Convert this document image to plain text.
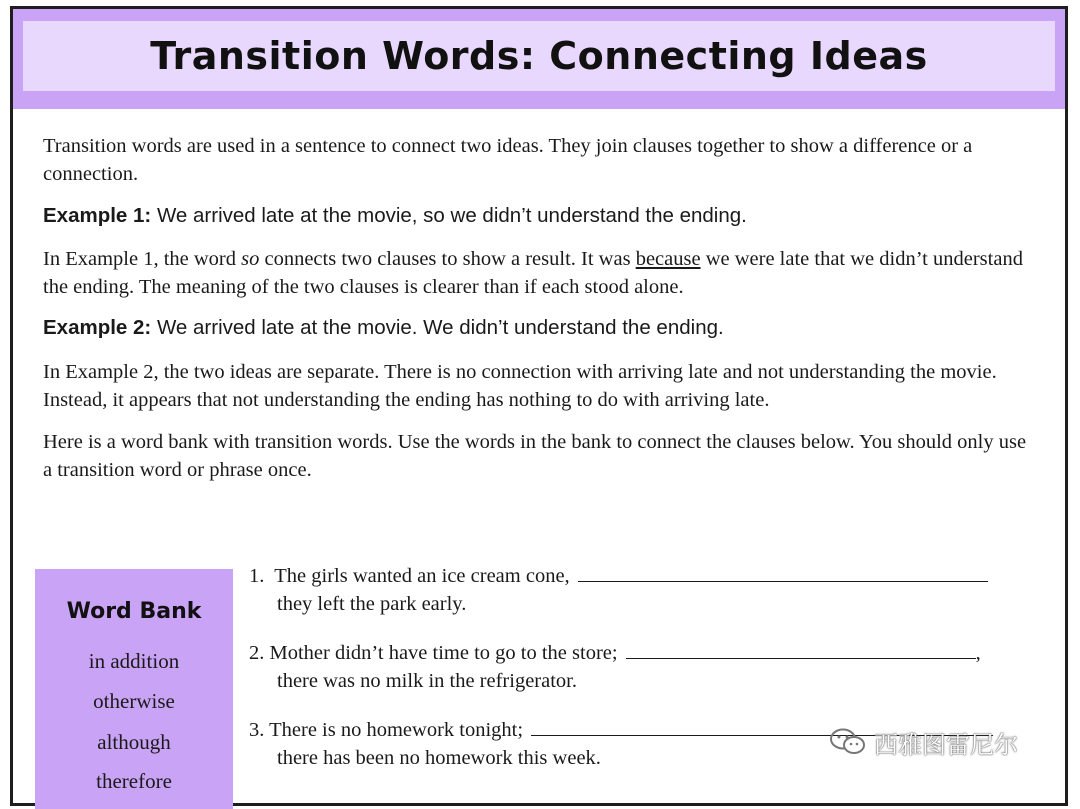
Transition Words: Connecting Ideas

Transition words are used in a sentence to connect two ideas. They join clauses together to show a difference or a connection.

Example 1: We arrived late at the movie, so we didn’t understand the ending.

In Example 1, the word so connects two clauses to show a result. It was because we were late that we didn’t understand the ending. The meaning of the two clauses is clearer than if each stood alone.

Example 2: We arrived late at the movie. We didn’t understand the ending.

In Example 2, the two ideas are separate. There is no connection with arriving late and not understanding the movie. Instead, it appears that not understanding the ending has nothing to do with arriving late.

Here is a word bank with transition words. Use the words in the bank to connect the clauses below. You should only use a transition word or phrase once.

Word Bank
in addition
otherwise
although
therefore
1. The girls wanted an ice cream cone,
they left the park early.
2. Mother didn’t have time to go to the store;	,
there was no milk in the refrigerator.
3. There is no homework tonight;
there has been no homework this week.	西雅图雷尼尔
